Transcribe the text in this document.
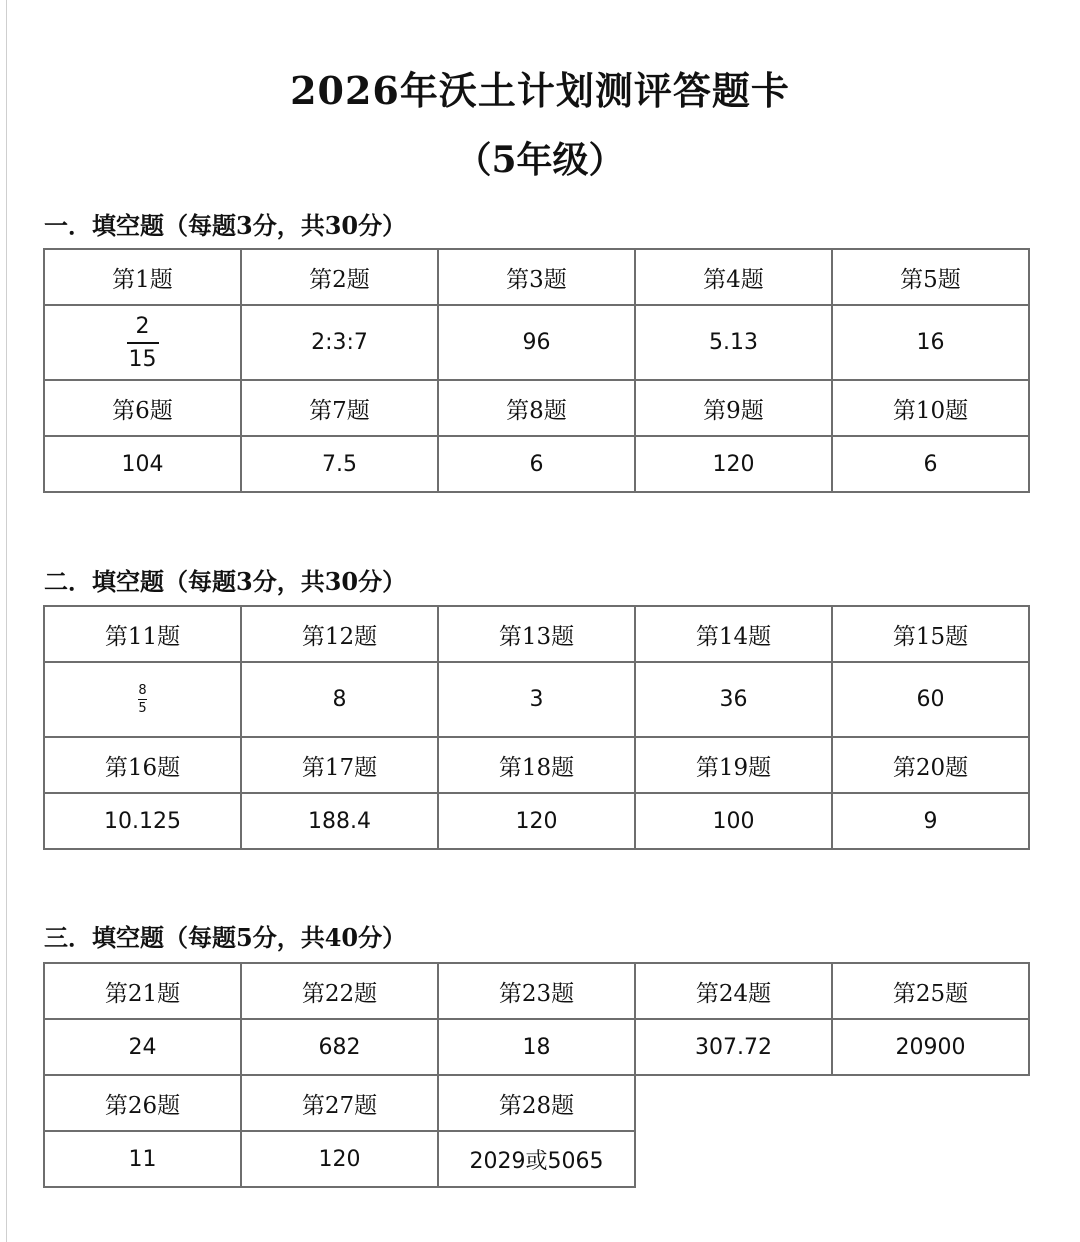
2026年沃土计划测评答题卡
（5年级）
一．填空题（每题3分，共30分）
第1题	第2题	第3题	第4题	第5题

$\frac{2}{15}$	2:3:7	96	5.13	16
第6题	第7题	第8题	第9题	第10题
104	7.5	6	120	6
二．填空题（每题3分，共30分）
第11题	第12题	第13题	第14题	第15题

$\frac{8}{5}$	8	3	36	60
第16题	第17题	第18题	第19题	第20题
10.125	188.4	120	100	9
三．填空题（每题5分，共40分）
第21题	第22题	第23题	第24题	第25题
24	682	18	307.72	20900
第26题	第27题	第28题		
11	120	2029或5065		
